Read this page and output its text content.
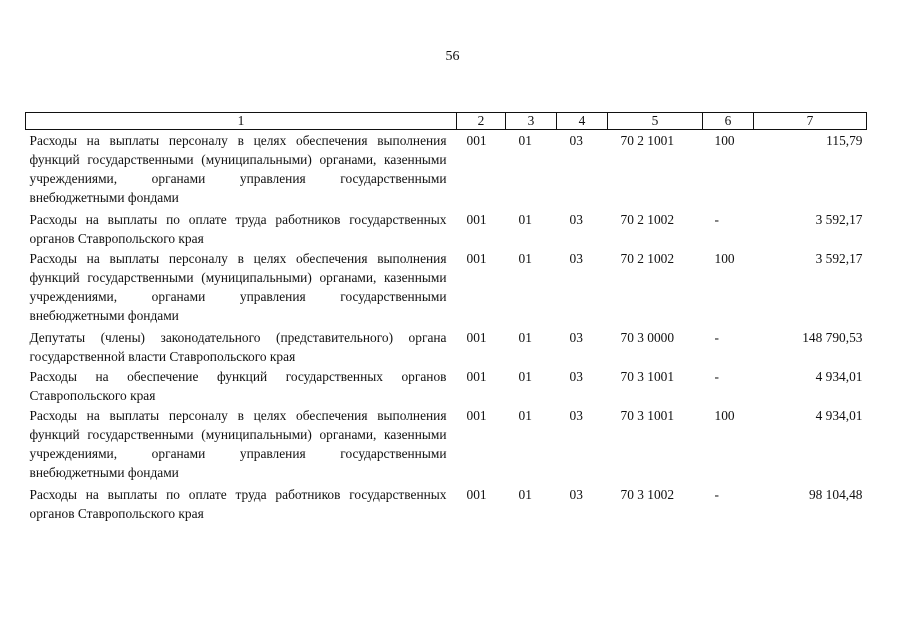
56
1	2	3	4	5	6	7

Расходы на выплаты персоналу в целях обеспечения выполнения функций государственными (муниципальными) органами, казенными учреждениями, органами управления государственными внебюджетными фондами	001	01	03	70 2 1001	100	115,79

Расходы на выплаты по оплате труда работников государственных органов Ставропольского края	001	01	03	70 2 1002	-	3 592,17

Расходы на выплаты персоналу в целях обеспечения выполнения функций государственными (муниципальными) органами, казенными учреждениями, органами управления государственными внебюджетными фондами	001	01	03	70 2 1002	100	3 592,17

Депутаты (члены) законодательного (представительного) органа государственной власти Ставропольского края	001	01	03	70 3 0000	-	148 790,53

Расходы на обеспечение функций государственных органов Ставропольского края	001	01	03	70 3 1001	-	4 934,01

Расходы на выплаты персоналу в целях обеспечения выполнения функций государственными (муниципальными) органами, казенными учреждениями, органами управления государственными внебюджетными фондами	001	01	03	70 3 1001	100	4 934,01

Расходы на выплаты по оплате труда работников государственных органов Ставропольского края	001	01	03	70 3 1002	-	98 104,48
